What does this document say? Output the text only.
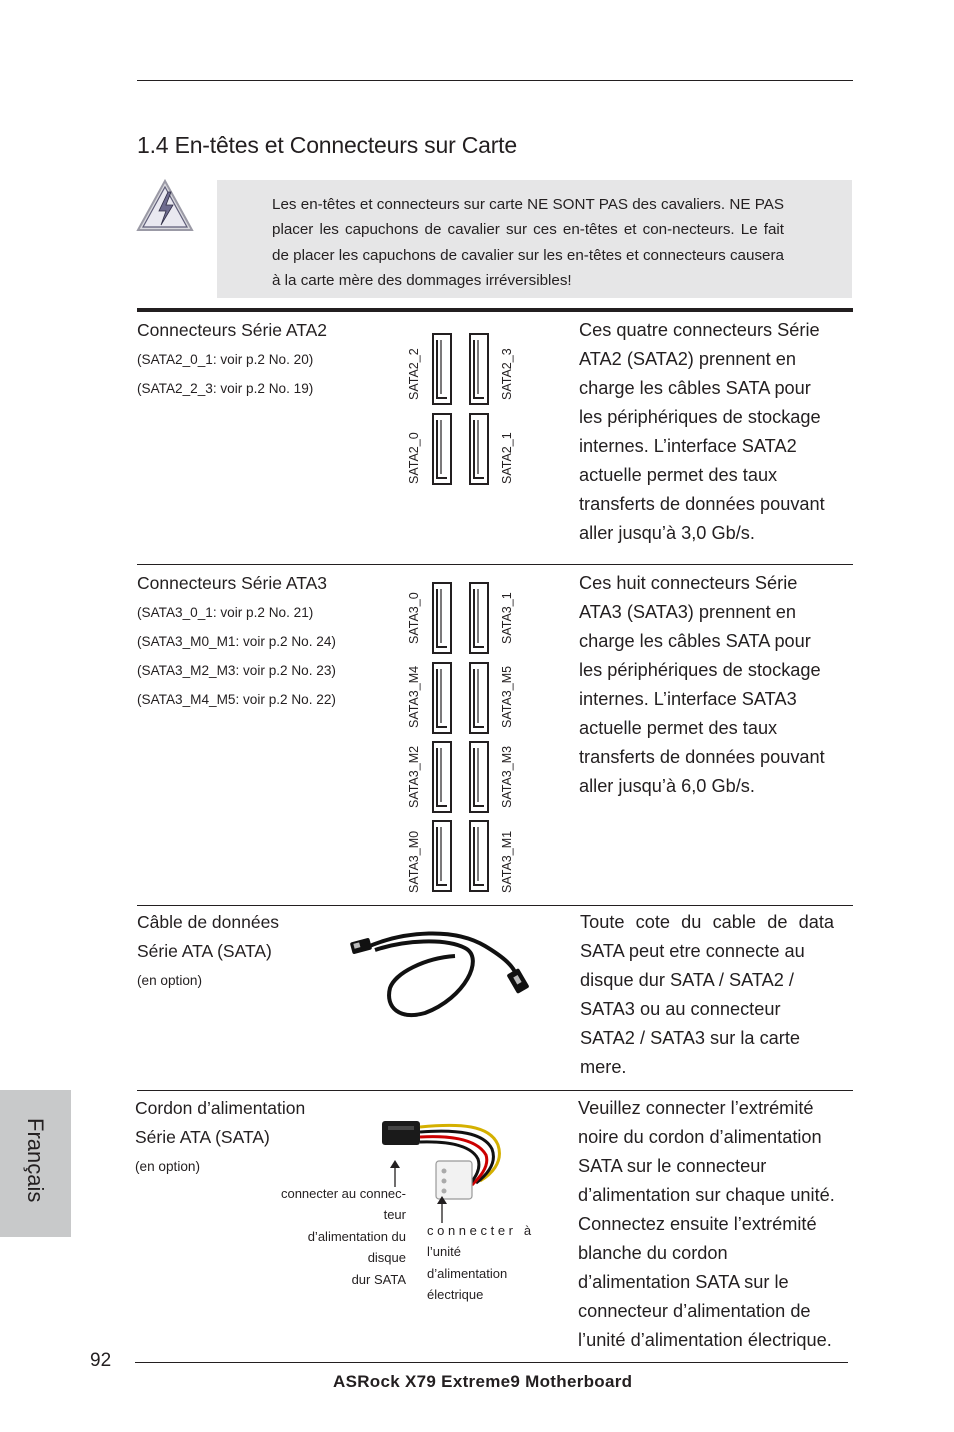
1.4 En-têtes et Connecteurs sur Carte
Les en-têtes et connecteurs sur carte NE SONT PAS des cavaliers. NE PAS placer les capuchons de cavalier sur ces en-têtes et con-necteurs. Le fait de placer les capuchons de cavalier sur les en-têtes et connecteurs causera à la carte mère des dommages irréversibles!
Connecteurs Série ATA2
(SATA2_0_1: voir p.2 No. 20)
(SATA2_2_3: voir p.2 No. 19)	SATA2_2	SATA2_3
SATA2_0	SATA2_1
Ces quatre connecteurs Série
ATA2 (SATA2) prennent en
charge les câbles SATA pour
les périphériques de stockage
internes. L’interface SATA2
actuelle permet des taux
transferts de données pouvant
aller jusqu’à 3,0 Gb/s.
Connecteurs Série ATA3
(SATA3_0_1: voir p.2 No. 21)
(SATA3_M0_M1: voir p.2 No. 24)
(SATA3_M2_M3: voir p.2 No. 23)
(SATA3_M4_M5: voir p.2 No. 22)
SATA3_0	SATA3_1
SATA3_M4	SATA3_M5
SATA3_M2	SATA3_M3
SATA3_M0	SATA3_M1
Ces huit connecteurs Série
ATA3 (SATA3) prennent en
charge les câbles SATA pour
les périphériques de stockage
internes. L’interface SATA3
actuelle permet des taux
transferts de données pouvant
aller jusqu’à 6,0 Gb/s.
Câble de données
Série ATA (SATA)
(en option)
Toute cote du cable de data
SATA peut etre connecte au
disque dur SATA / SATA2 /
SATA3 ou au connecteur
SATA2 / SATA3 sur la carte
mere.
Cordon d’alimentation
Série ATA (SATA)
(en option)
connecter au connec-
teur
d’alimentation du
disque
dur SATA
c o n n e c t e r   à
l’unité
d’alimentation
électrique
Veuillez connecter l’extrémité
noire du cordon d’alimentation
SATA sur le connecteur
d’alimentation sur chaque unité.
Connectez ensuite l’extrémité
blanche du cordon
d’alimentation SATA sur le
connecteur d’alimentation de
l’unité d’alimentation électrique.
Français
92
ASRock X79 Extreme9 Motherboard
